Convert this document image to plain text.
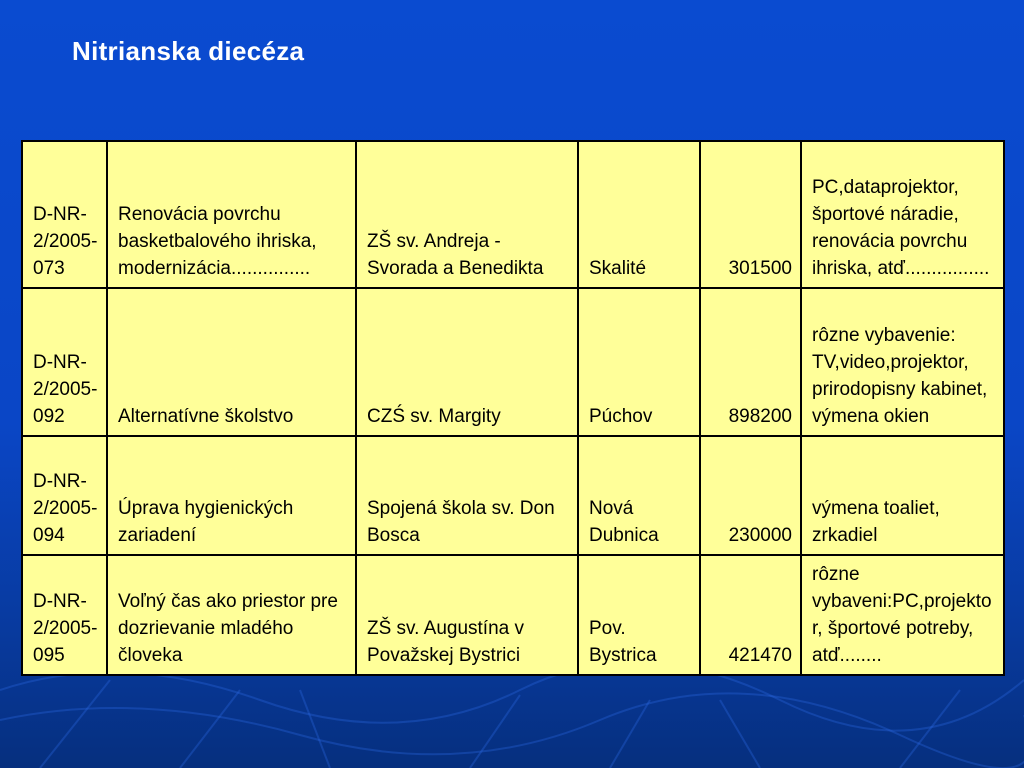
Nitrianska diecéza
D-NR-2/2005-073	Renovácia povrchu basketbalového ihriska, modernizácia...............	ZŠ sv. Andreja - Svorada a Benedikta	Skalité	301500	PC,dataprojektor, športové náradie, renovácia povrchu ihriska, atď................
D-NR-2/2005-092	Alternatívne školstvo	CZŚ sv. Margity	Púchov	898200	rôzne vybavenie: TV,video,projektor, prirodopisny kabinet, výmena okien
D-NR-2/2005-094	Úprava hygienických zariadení	Spojená škola sv. Don Bosca	Nová Dubnica	230000	výmena toaliet, zrkadiel
D-NR-2/2005-095	Voľný čas ako priestor pre dozrievanie mladého človeka	ZŠ sv. Augustína v Považskej Bystrici	Pov. Bystrica	421470	rôzne vybaveni:PC,projektor, športové potreby, atď........
